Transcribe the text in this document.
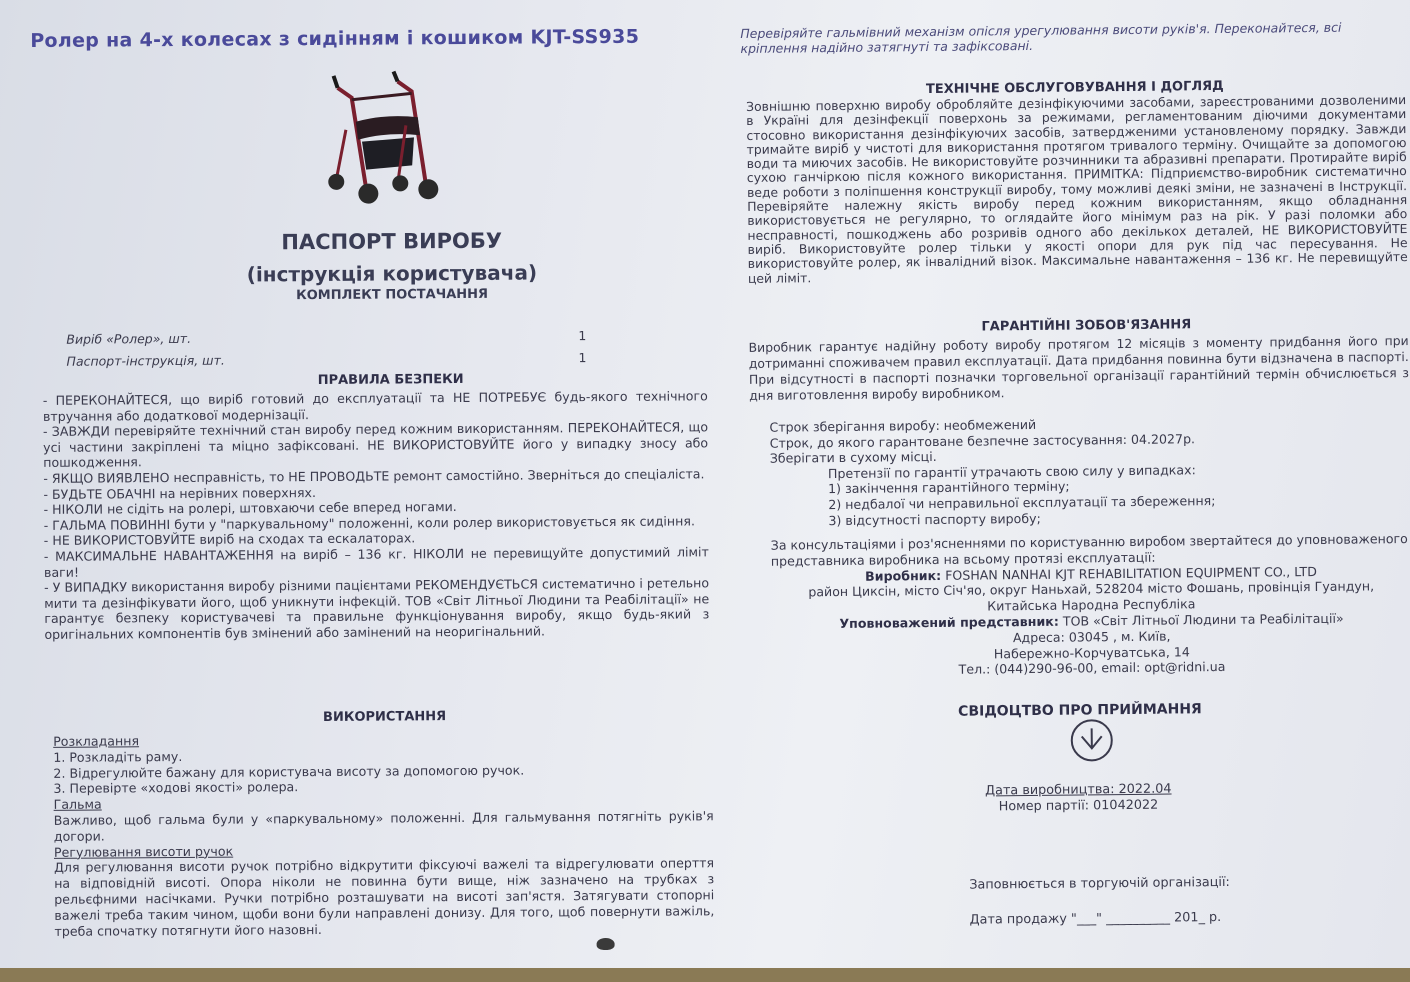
Ролер на 4-х колесах з сидінням і кошиком KJT-SS935
ПАСПОРТ ВИРОБУ
(інструкція користувача)
КОМПЛЕКТ ПОСТАЧАННЯ
Виріб «Ролер», шт.	1
Паспорт-інструкція, шт.	1
ПРАВИЛА БЕЗПЕКИ

- ПЕРЕКОНАЙТЕСЯ, що виріб готовий до експлуатації та НЕ ПОТРЕБУЄ будь-якого технічного втручання або додаткової модернізації.

- ЗАВЖДИ перевіряйте технічний стан виробу перед кожним використанням. ПЕРЕКОНАЙТЕСЯ, що усі частини закріплені та міцно зафіксовані. НЕ ВИКОРИСТОВУЙТЕ його у випадку зносу або пошкодження.

- ЯКЩО ВИЯВЛЕНО несправність, то НЕ ПРОВОДЬТЕ ремонт самостійно. Зверніться до спеціаліста.

- БУДЬТЕ ОБАЧНІ на нерівних поверхнях.

- НІКОЛИ не сідіть на ролері, штовхаючи себе вперед ногами.

- ГАЛЬМА ПОВИННІ бути у "паркувальному" положенні, коли ролер використовується як сидіння.

- НЕ ВИКОРИСТОВУЙТЕ виріб на сходах та ескалаторах.

- МАКСИМАЛЬНЕ НАВАНТАЖЕННЯ на виріб – 136 кг. НІКОЛИ не перевищуйте допустимий ліміт ваги!

- У ВИПАДКУ використання виробу різними пацієнтами РЕКОМЕНДУЄТЬСЯ систематично і ретельно мити та дезінфікувати його, щоб уникнути інфекцій. ТОВ «Світ Літньої Людини та Реабілітації» не гарантує безпеку користувачеві та правильне функціонування виробу, якщо будь-який з оригінальних компонентів був змінений або замінений на неоригінальний.

ВИКОРИСТАННЯ

Розкладання

1. Розкладіть раму.

2. Відрегулюйте бажану для користувача висоту за допомогою ручок.

3. Перевірте «ходові якості» ролера.

Гальма

Важливо, щоб гальма були у «паркувальному» положенні. Для гальмування потягніть руків'я догори.

Регулювання висоти ручок

Для регулювання висоти ручок потрібно відкрутити фіксуючі важелі та відрегулювати оперття на відповідній висоті. Опора ніколи не повинна бути вище, ніж зазначено на трубках з рельєфними насічками. Ручки потрібно розташувати на висоті зап'ястя. Затягувати стопорні важелі треба таким чином, щоби вони були направлені донизу. Для того, щоб повернути важіль, треба спочатку потягнути його назовні.

Перевіряйте гальмівний механізм опісля урегулювання висоти руків'я. Переконайтеся, всі кріплення надійно затягнуті та зафіксовані.
ТЕХНІЧНЕ ОБСЛУГОВУВАННЯ І ДОГЛЯД

Зовнішню поверхню виробу обробляйте дезінфікуючими засобами, зареєстрованими дозволеними в Україні для дезінфекції поверхонь за режимами, регламентованим діючими документами стосовно використання дезінфікуючих засобів, затвердженими установленому порядку. Завжди тримайте виріб у чистоті для використання протягом тривалого терміну. Очищайте за допомогою води та миючих засобів. Не використовуйте розчинники та абразивні препарати. Протирайте виріб сухою ганчіркою після кожного використання. ПРИМІТКА: Підприємство-виробник систематично веде роботи з поліпшення конструкції виробу, тому можливі деякі зміни, не зазначені в Інструкції. Перевіряйте належну якість виробу перед кожним використанням, якщо обладнання використовується не регулярно, то оглядайте його мінімум раз на рік. У разі поломки або несправності, пошкоджень або розривів одного або декількох деталей, НЕ ВИКОРИСТОВУЙТЕ виріб. Використовуйте ролер тільки у якості опори для рук під час пересування. Не використовуйте ролер, як інвалідний візок. Максимальне навантаження – 136 кг. Не перевищуйте цей ліміт.

ГАРАНТІЙНІ ЗОБОВ'ЯЗАННЯ

Виробник гарантує надійну роботу виробу протягом 12 місяців з моменту придбання його при дотриманні споживачем правил експлуатації. Дата придбання повинна бути відзначена в паспорті. При відсутності в паспорті позначки торговельної організації гарантійний термін обчислюється з дня виготовлення виробу виробником.

Строк зберігання виробу: необмежений

Строк, до якого гарантоване безпечне застосування: 04.2027р.

Зберігати в сухому місці.

Претензії по гарантії утрачають свою силу у випадках:

1) закінчення гарантійного терміну;

2) недбалої чи неправильної експлуатації та збереження;

3) відсутності паспорту виробу;

За консультаціями і роз'ясненнями по користуванню виробом звертайтеся до уповноваженого представника виробника на всьому протязі експлуатації:

Виробник: FOSHAN NANHAI KJT REHABILITATION EQUIPMENT CO., LTD

район Циксін, місто Січ'яо, округ Наньхай, 528204 місто Фошань, провінція Гуандун,

Китайська Народна Республіка

Уповноважений представник: ТОВ «Світ Літньої Людини та Реабілітації»

Адреса: 03045 , м. Київ,

Набережно-Корчуватська, 14

Тел.: (044)290-96-00, email: opt@ridni.ua

СВІДОЦТВО ПРО ПРИЙМАННЯ
Дата виробництва: 2022.04
Номер партії: 01042022
Заповнюється в торгуючій організації:
Дата продажу "___" __________ 201_ р.
